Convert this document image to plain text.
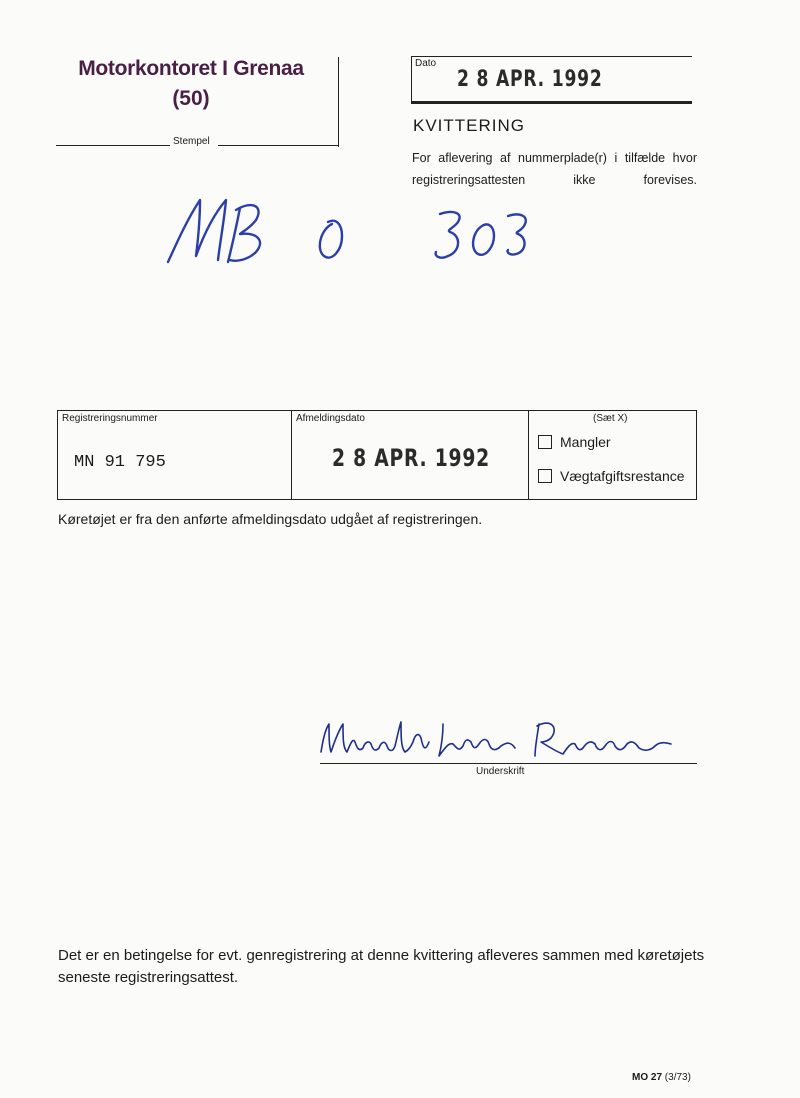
Motorkontoret I Grenaa
(50)
Stempel
Dato
2 8 APR. 1992
KVITTERING
For aflevering af nummerplade(r) i tilfælde hvor registreringsattesten ikke forevises.
Registreringsnummer
MN 91 795
Afmeldingsdato
2 8 APR. 1992
(Sæt X)
Mangler
Vægtafgiftsrestance
Køretøjet er fra den anførte afmeldingsdato udgået af registreringen.
Underskrift
Det er en betingelse for evt. genregistrering at denne kvittering afleveres sammen med køretøjets seneste registreringsattest.
MO 27 (3/73)
